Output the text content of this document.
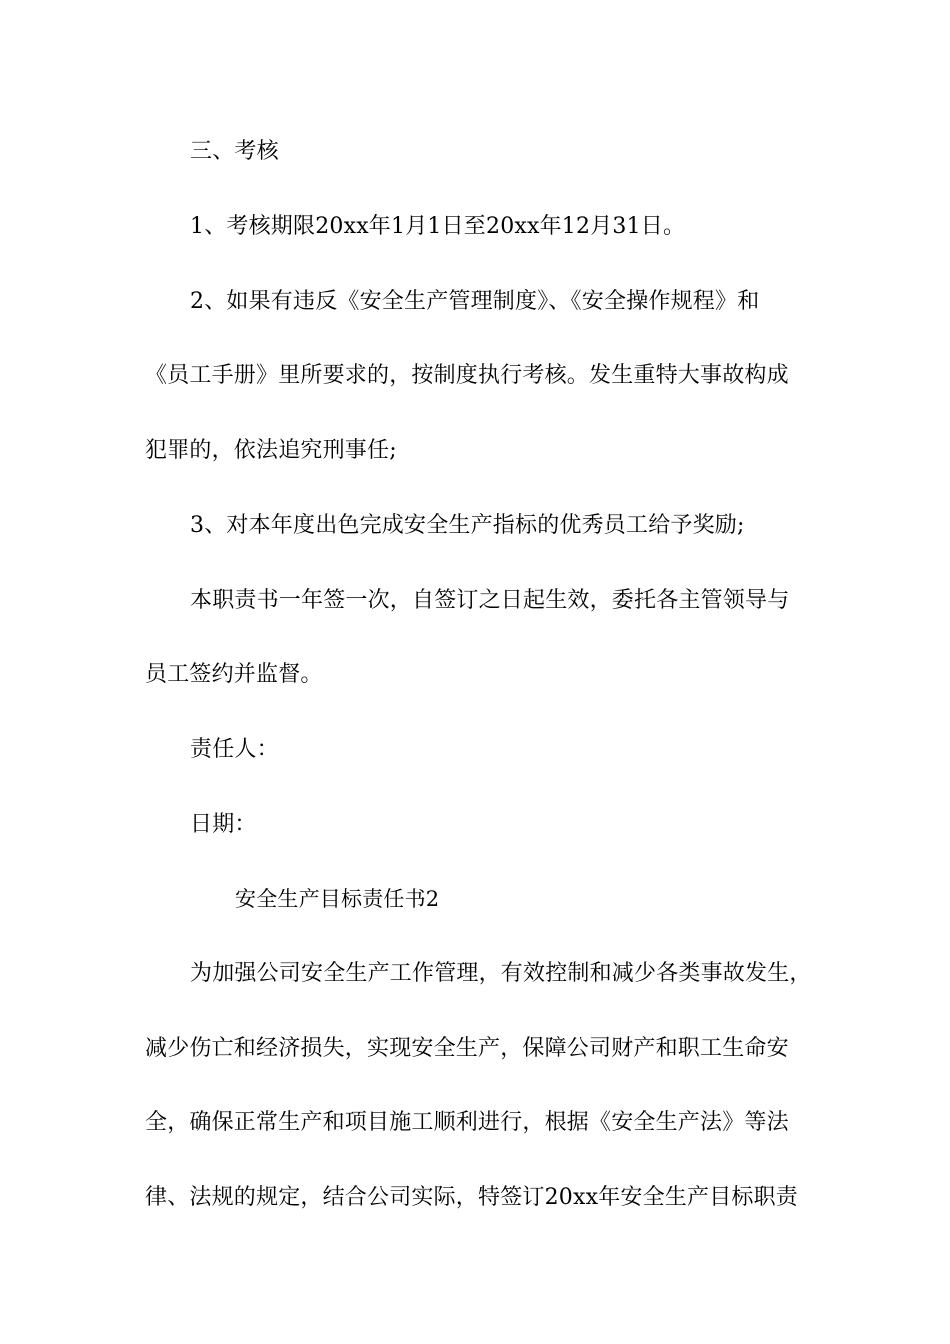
三、考核
1、考核期限20xx年1月1日至20xx年12月31日。
2、如果有违反《安全生产管理制度》、《安全操作规程》和
《员工手册》里所要求的，按制度执行考核。发生重特大事故构成
犯罪的，依法追究刑事任;
3、对本年度出色完成安全生产指标的优秀员工给予奖励;
本职责书一年签一次，自签订之日起生效，委托各主管领导与
员工签约并监督。
责任人：
日期：
安全生产目标责任书2
为加强公司安全生产工作管理，有效控制和减少各类事故发生，
减少伤亡和经济损失，实现安全生产，保障公司财产和职工生命安
全，确保正常生产和项目施工顺利进行，根据《安全生产法》等法
律、法规的规定，结合公司实际，特签订20xx年安全生产目标职责
